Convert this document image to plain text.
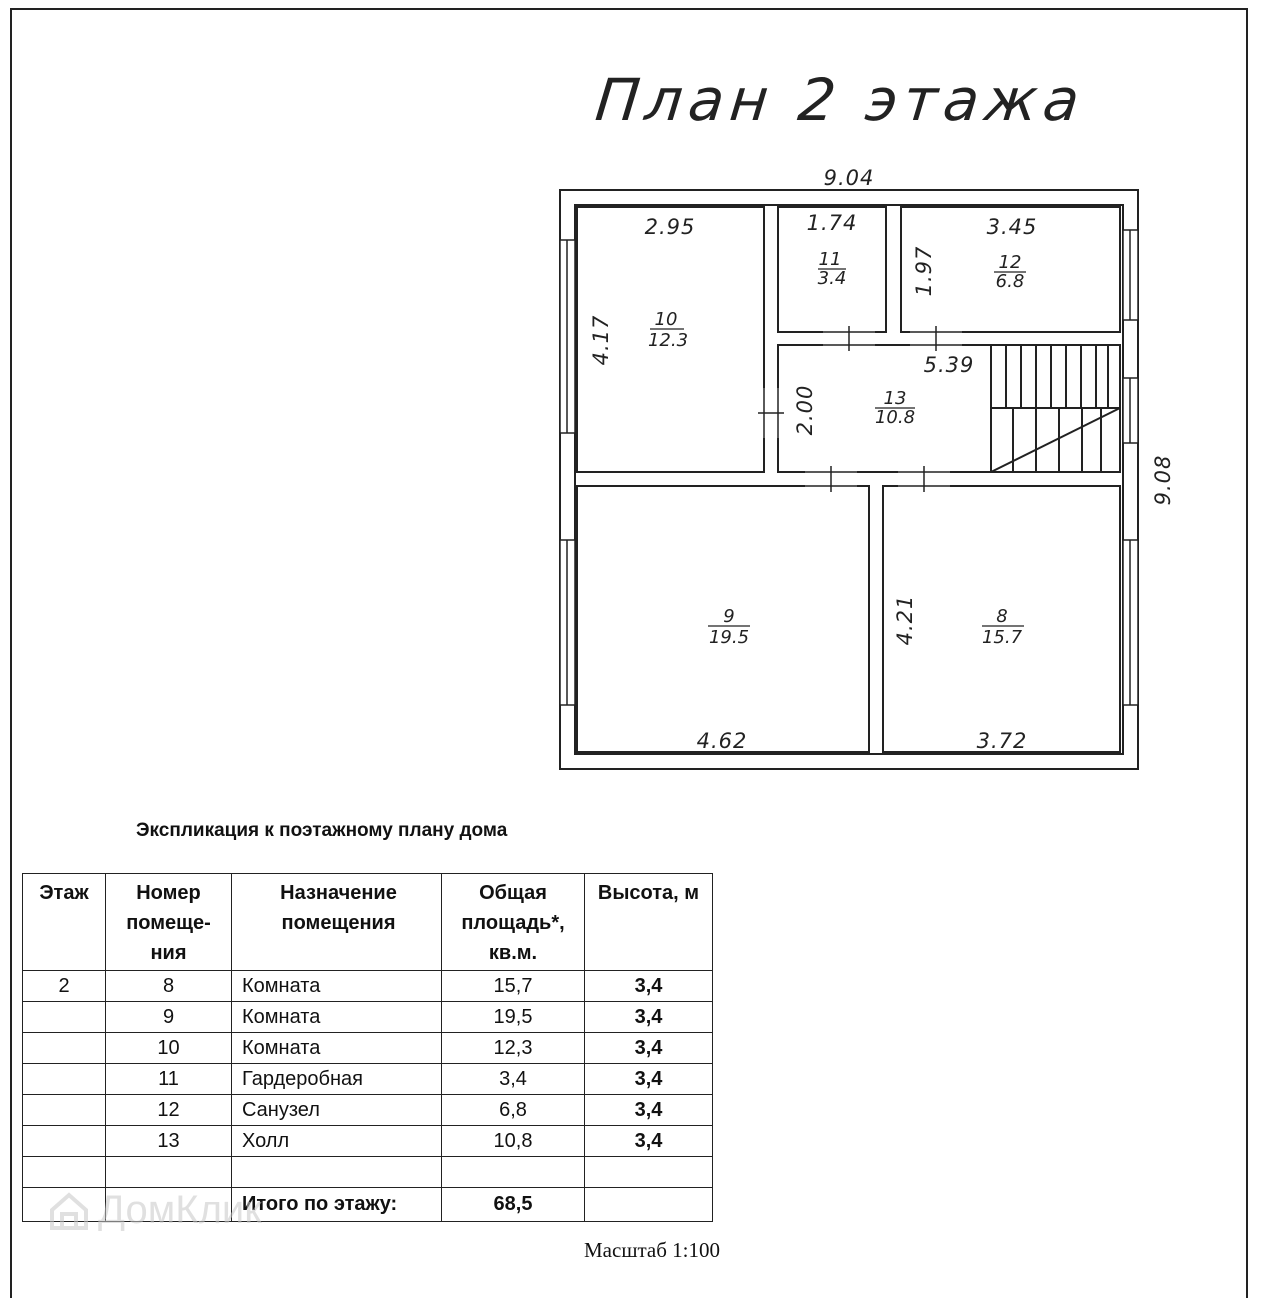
План 2 этажа
9.04
9.08
2.95
4.17 10
12.3
1.74
11
3.4
3.45
1.97	12
6.8
5.39
2.00	13
10.8
9
19.5
4.62
4.21	8
15.7
3.72
Экспликация к поэтажному плану дома
Этаж	Номер помещения	Назначение помещения	Общая площадь*, кв.м.	Высота, м
2	8	Комната	15,7	3,4
	9	Комната	19,5	3,4
	10	Комната	12,3	3,4
	11	Гардеробная	3,4	3,4
	12	Санузел	6,8	3,4
	13	Холл	10,8	3,4

		Итого по этажу:	68,5	
ДомКлик
Масштаб 1:100
